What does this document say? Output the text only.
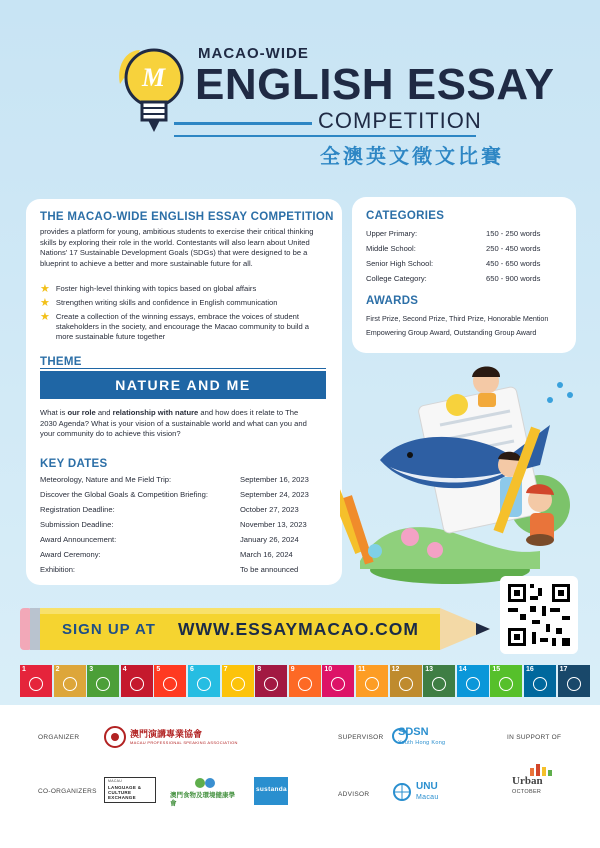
M
MACAO-WIDE
ENGLISH ESSAY
COMPETITION
全澳英文徵文比賽
THE MACAO-WIDE ENGLISH ESSAY COMPETITION
provides a platform for young, ambitious students to exercise their critical thinking
skills by exploring their role in the world. Contestants will also learn about United
Nations' 17 Sustainable Development Goals (SDGs) that were designed to be a
blueprint to achieve a better and more sustainable future for all.
★ Foster high-level thinking with topics based on global affairs
★ Strengthen writing skills and confidence in English communication
★ Create a collection of the winning essays, embrace the voices of student
stakeholders in the society, and encourage the Macao community to build a
more sustainable future together
THEME
NATURE AND ME
What is our role and relationship with nature and how does it relate to The
2030 Agenda? What is your vision of a sustainable world and what can you and
your community do to achieve this vision?
KEY DATES
Meteorology, Nature and Me Field Trip:	September 16, 2023
Discover the Global Goals & Competition Briefing:	September 24, 2023
Registration Deadline:	October 27, 2023
Submission Deadline:	November 13, 2023
Award Announcement:	January 26, 2024
Award Ceremony:	March 16, 2024
Exhibition:	To be announced
CATEGORIES
Upper Primary:	150 - 250 words
Middle School:	250 - 450 words
Senior High School:	450 - 650 words
College Category:	650 - 900 words
AWARDS
First Prize, Second Prize, Third Prize, Honorable Mention
Empowering Group Award, Outstanding Group Award
SIGN UP AT WWW.ESSAYMACAO.COM
1	2	3	4	5	6	7	8	9	10	11	12	13	14	15	16	17
ORGANIZER	澳門演講專業協會
MACAU PROFESSIONAL SPEAKING ASSOCIATION
SUPERVISOR SDSN
Youth Hong Kong
IN SUPPORT OF
CO-ORGANIZERS
MACAU
LANGUAGE & CULTURE EXCHANGE	澳門食物及環境健康學會
sustanda
ADVISOR
UNU
Macau
Urban
OCTOBER
